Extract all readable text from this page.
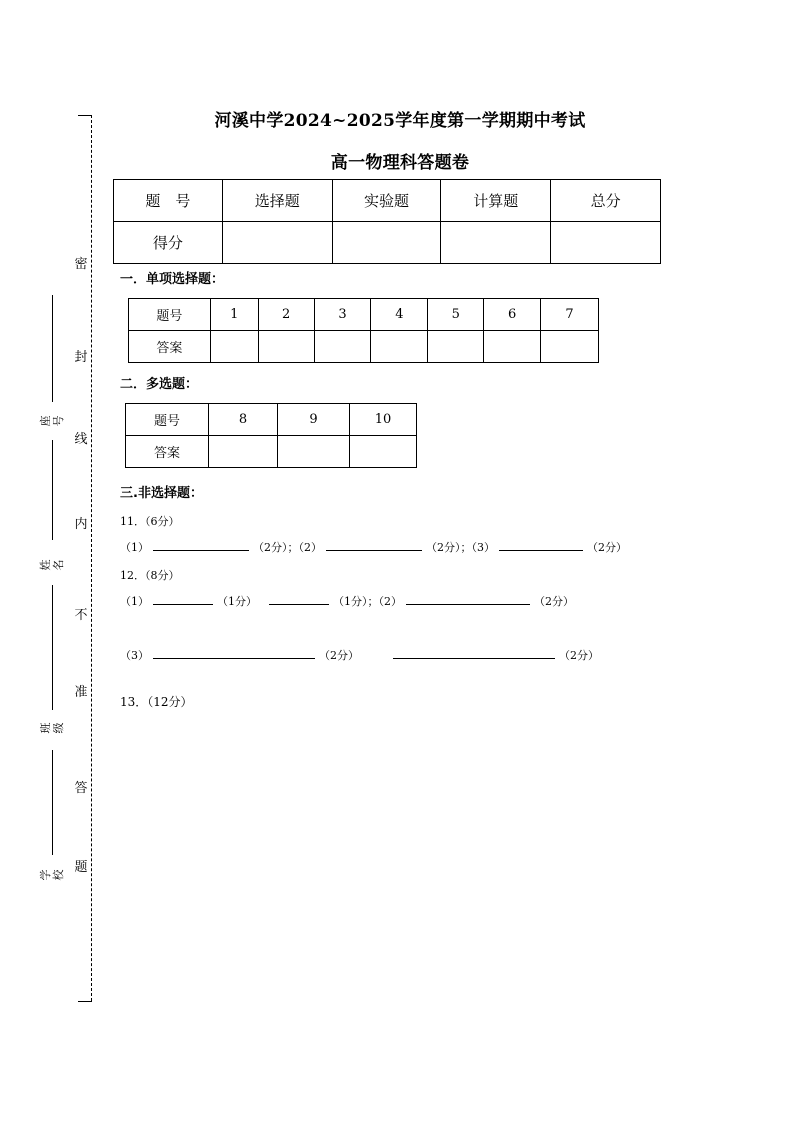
密
封
线
内
不
准
答
题
座号
姓名
班级
学校
河溪中学2024~2025学年度第一学期期中考试
高一物理科答题卷
题　号	选择题	实验题	计算题	总分
得分				
一．单项选择题：
题号	1	2	3	4	5	6	7
答案							
二．多选题：
题号	8	9	10
答案			
三.非选择题：
11．（6分）
（1）	（2分）；（2）	（2分）；（3）	（2分）
12．（8分）
（1）	（1分）	（1分）；（2）	（2分）
（3）	（2分）	（2分）
13．（12分）
